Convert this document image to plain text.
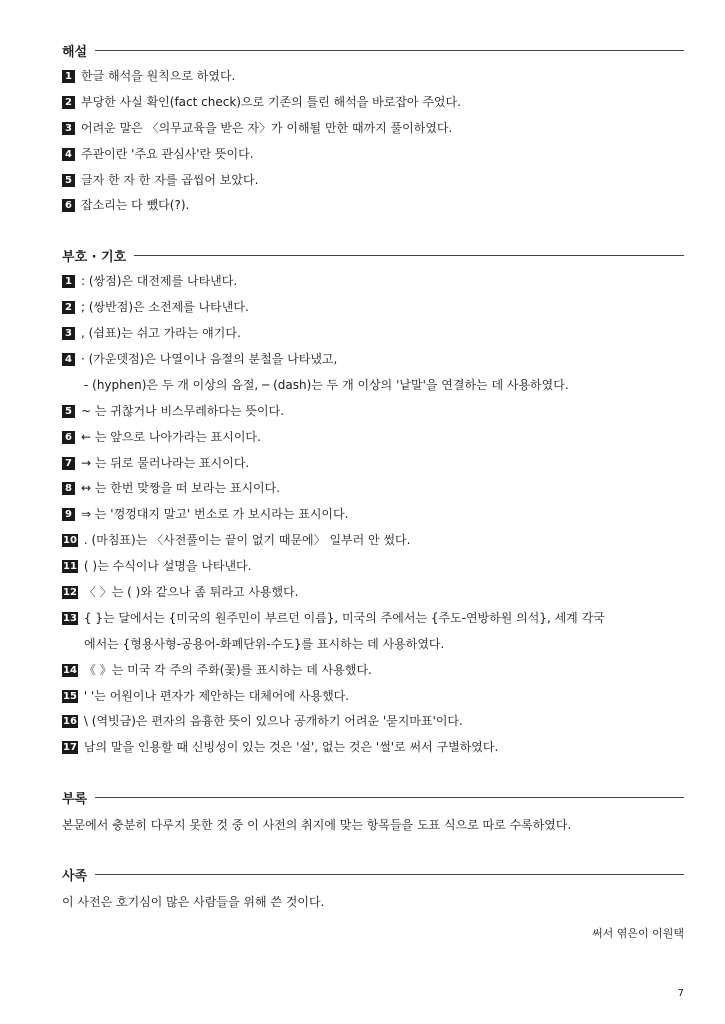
해설
1 한글 해석을 원칙으로 하였다.
2 부당한 사실 확인(fact check)으로 기존의 틀린 해석을 바로잡아 주었다.
3 어려운 말은 〈의무교육을 받은 자〉가 이해될 만한 때까지 풀이하였다.
4 주관이란 '주요 관심사'란 뜻이다.
5 글자 한 자 한 자를 곱씹어 보았다.
6 잡소리는 다 뺐다(?).
부호 · 기호
1 : (쌍점)은 대전제를 나타낸다.
2 ; (쌍반점)은 소전제를 나타낸다.
3 , (쉼표)는 쉬고 가라는 얘기다.
4 · (가운뎃점)은 나열이나 음절의 분철을 나타냈고,
- (hyphen)은 두 개 이상의 음절, ─ (dash)는 두 개 이상의 '낱말'을 연결하는 데 사용하였다.
5 ~ 는 귀찮거나 비스무레하다는 뜻이다.
6 ← 는 앞으로 나아가라는 표시이다.
7 → 는 뒤로 물러나라는 표시이다.
8 ↔ 는 한번 맞짱을 떠 보라는 표시이다.
9 ⇒ 는 '껑껑대지 말고' 번소로 가 보시라는 표시이다.
10 . (마침표)는 〈사전풀이는 끝이 없기 때문에〉 일부러 안 썼다.
11 ( )는 수식이나 설명을 나타낸다.
12 〈 〉는 ( )와 같으나 좀 튀라고 사용했다.
13 { }는 달에서는 {미국의 원주민이 부르던 이름}, 미국의 주에서는 {주도-연방하원 의석}, 세계 각국
에서는 {형용사형-공용어-화폐단위-수도}를 표시하는 데 사용하였다.
14 《 》는 미국 각 주의 주화(꽃)를 표시하는 데 사용했다.
15 ' '는 어원이나 편자가 제안하는 대체어에 사용했다.
16 \ (역빗금)은 편자의 음흉한 뜻이 있으나 공개하기 어려운 '묻지마표'이다.
17 남의 말을 인용할 때 신빙성이 있는 것은 '설', 없는 것은 '썰'로 써서 구별하였다.
부록
본문에서 충분히 다루지 못한 것 중 이 사전의 취지에 맞는 항목들을 도표 식으로 따로 수록하였다.
사족
이 사전은 호기심이 많은 사람들을 위해 쓴 것이다.
써서 엮은이 이원택
7
